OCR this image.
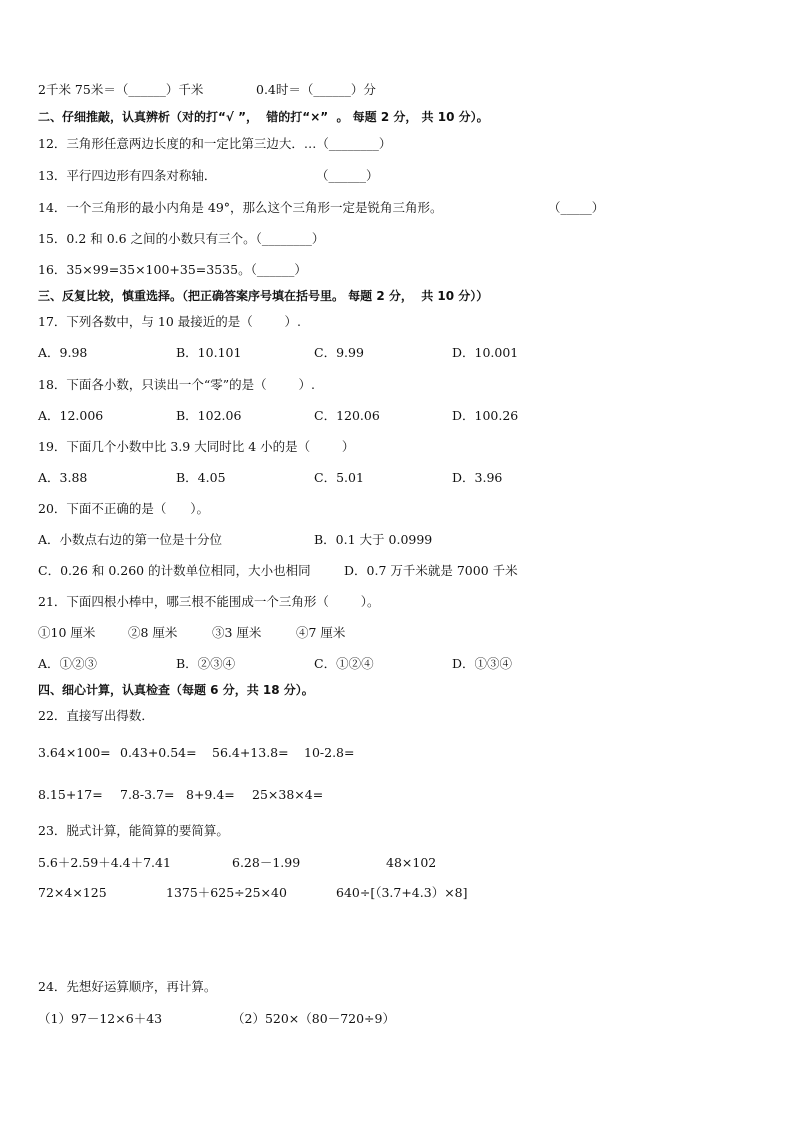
2千米 75米＝（______）千米	0.4时＝（______）分
二、仔细推敲，认真辨析（对的打“√ ”，  错的打“×”  。 每题 2 分， 共 10 分）。
12．三角形任意两边长度的和一定比第三边大．…（________）
13．平行四边形有四条对称轴．	（______）
14．一个三角形的最小内角是 49°，那么这个三角形一定是锐角三角形。	（_____）
15．0.2 和 0.6 之间的小数只有三个。（________）
16．35×99=35×100+35=3535。（______）
三、反复比较，慎重选择。（把正确答案序号填在括号里。 每题 2 分，  共 10 分））
17．下列各数中，与 10 最接近的是（        ）.
A．9.98	B．10.101	C．9.99	D．10.001
18．下面各小数，只读出一个“零”的是（        ）.
A．12.006	B．102.06	C．120.06	D．100.26
19．下面几个小数中比 3.9 大同时比 4 小的是（        ）
A．3.88	B．4.05	C．5.01	D．3.96
20．下面不正确的是（      ）。
A．小数点右边的第一位是十分位	B．0.1 大于 0.0999
C．0.26 和 0.260 的计数单位相同，大小也相同	D．0.7 万千米就是 7000 千米
21．下面四根小棒中，哪三根不能围成一个三角形（        ）。
①10 厘米	②8 厘米	③3 厘米	④7 厘米
A．①②③	B．②③④	C．①②④	D．①③④
四、细心计算，认真检查（每题 6 分，共 18 分）。
22．直接写出得数．
3.64×100= 0.43+0.54= 56.4+13.8= 10-2.8=
8.15+17= 7.8-3.7= 8+9.4= 25×38×4=
23．脱式计算，能简算的要简算。
5.6＋2.59＋4.4＋7.41	6.28－1.99	48×102
72×4×125	1375＋625÷25×40	640÷[（3.7+4.3）×8]
24．先想好运算顺序，再计算。
（1）97－12×6＋43	（2）520×（80－720÷9）
